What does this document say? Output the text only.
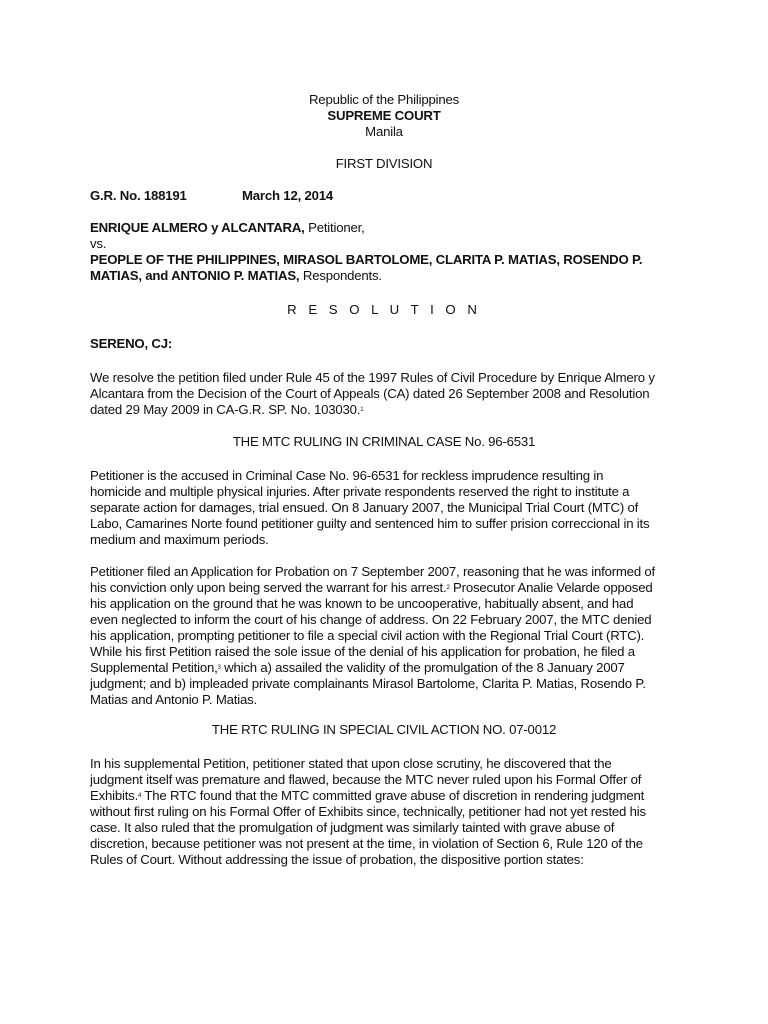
Republic of the Philippines
SUPREME COURT
Manila
FIRST DIVISION
G.R. No. 188191	March 12, 2014
ENRIQUE ALMERO y ALCANTARA, Petitioner,
vs.
PEOPLE OF THE PHILIPPINES, MIRASOL BARTOLOME, CLARITA P. MATIAS, ROSENDO P.
MATIAS, and ANTONIO P. MATIAS, Respondents.
R E S O L U T I O N
SERENO, CJ:
We resolve the petition filed under Rule 45 of the 1997 Rules of Civil Procedure by Enrique Almero y
Alcantara from the Decision of the Court of Appeals (CA) dated 26 September 2008 and Resolution
dated 29 May 2009 in CA-G.R. SP. No. 103030.$^1$
THE MTC RULING IN CRIMINAL CASE No. 96-6531
Petitioner is the accused in Criminal Case No. 96-6531 for reckless imprudence resulting in
homicide and multiple physical injuries. After private respondents reserved the right to institute a
separate action for damages, trial ensued. On 8 January 2007, the Municipal Trial Court (MTC) of
Labo, Camarines Norte found petitioner guilty and sentenced him to suffer prision correccional in its
medium and maximum periods.
Petitioner filed an Application for Probation on 7 September 2007, reasoning that he was informed of
his conviction only upon being served the warrant for his arrest.$^2$ Prosecutor Analie Velarde opposed
his application on the ground that he was known to be uncooperative, habitually absent, and had
even neglected to inform the court of his change of address. On 22 February 2007, the MTC denied
his application, prompting petitioner to file a special civil action with the Regional Trial Court (RTC).
While his first Petition raised the sole issue of the denial of his application for probation, he filed a
Supplemental Petition,$^3$ which a) assailed the validity of the promulgation of the 8 January 2007
judgment; and b) impleaded private complainants Mirasol Bartolome, Clarita P. Matias, Rosendo P.
Matias and Antonio P. Matias.
THE RTC RULING IN SPECIAL CIVIL ACTION NO. 07-0012
In his supplemental Petition, petitioner stated that upon close scrutiny, he discovered that the
judgment itself was premature and flawed, because the MTC never ruled upon his Formal Offer of
Exhibits.$^4$ The RTC found that the MTC committed grave abuse of discretion in rendering judgment
without first ruling on his Formal Offer of Exhibits since, technically, petitioner had not yet rested his
case. It also ruled that the promulgation of judgment was similarly tainted with grave abuse of
discretion, because petitioner was not present at the time, in violation of Section 6, Rule 120 of the
Rules of Court. Without addressing the issue of probation, the dispositive portion states:
